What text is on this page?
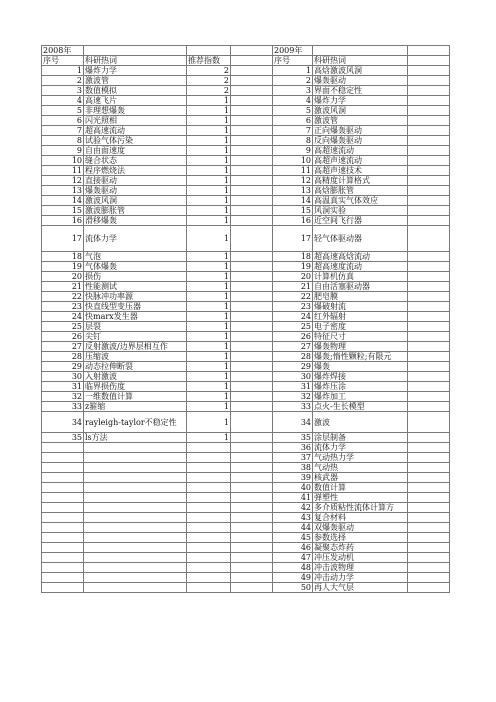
2008年				2009年		
序号	科研热词	推荐指数		序号	科研热词	
1	爆炸力学	2		1	高焓激波风洞	
2	激波管	2		2	爆轰驱动	
3	数值模拟	2		3	界面不稳定性	
4	高速飞片	1		4	爆炸力学	
5	非理想爆轰	1		5	激波风洞	
6	闪光照相	1		6	激波管	
7	超高速流动	1		7	正向爆轰驱动	
8	试验气体污染	1		8	反向爆轰驱动	
9	自由面速度	1		9	高超速流动	
10	缝合状态	1		10	高超声速流动	
11	程序燃烧法	1		11	高超声速技术	
12	直接驱动	1		12	高精度计算格式	
13	爆轰驱动	1		13	高焓膨胀管	
14	激波风洞	1		14	高温真实气体效应	
15	激波膨胀管	1		15	风洞实验	
16	滑移爆轰	1		16	近空间飞行器	
17	流体力学	1		17	轻气体驱动器	
18	气泡	1		18	超高速高焓流动	
19	气体爆轰	1		19	超高速度流动	
20	损伤	1		20	计算机仿真	
21	性能测试	1		21	自由活塞驱动器	
22	快脉冲功率源	1		22	肥皂膜	
23	快直线型变压器	1		23	爆破射流	
24	快marx发生器	1		24	红外辐射	
25	层裂	1		25	电子密度	
26	尖钉	1		26	特征尺寸	
27	反射激波/边界层相互作	1		27	爆轰物理	
28	压缩波	1		28	爆轰;惰性颗粒;有限元	
29	动态拉伸断裂	1		29	爆轰	
30	入射激波	1		30	爆炸焊接	
31	临界损伤度	1		31	爆炸压涂	
32	一维数值计算	1		32	爆炸加工	
33	z箍缩	1		33	点火-生长模型	
34	rayleigh-taylor不稳定性	1		34	激波	
35	ls方法	1		35	涂层制备	
				36	流体力学	
				37	气动热力学	
				38	气动热	
				39	核武器	
				40	数值计算	
				41	弹塑性	
				42	多介质粘性流体计算方	
				43	复合材料	
				44	双爆轰驱动	
				45	参数选择	
				46	凝聚态炸药	
				47	冲压发动机	
				48	冲击波物理	
				49	冲击动力学	
				50	再人大气层	
